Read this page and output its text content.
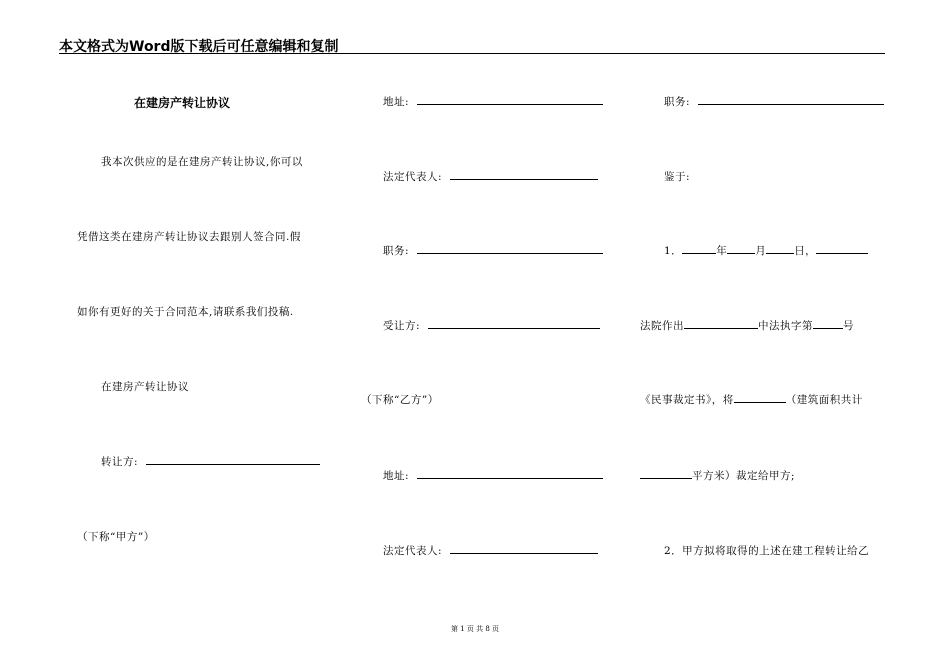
本文格式为Word版下载后可任意编辑和复制
在建房产转让协议
我本次供应的是在建房产转让协议,你可以
凭借这类在建房产转让协议去跟别人签合同.假
如你有更好的关于合同范本,请联系我们投稿.
在建房产转让协议
转让方:
（下称“甲方”）
地址:
法定代表人:
职务:
受让方:
（下称“乙方”）
地址:
法定代表人:
职务:
鉴于:
1．	年	月	日，
法院作出	中法执字第	号
《民事裁定书》，将	（建筑面积共计
平方米）裁定给甲方;
2．甲方拟将取得的上述在建工程转让给乙
第 1 页 共 8 页
